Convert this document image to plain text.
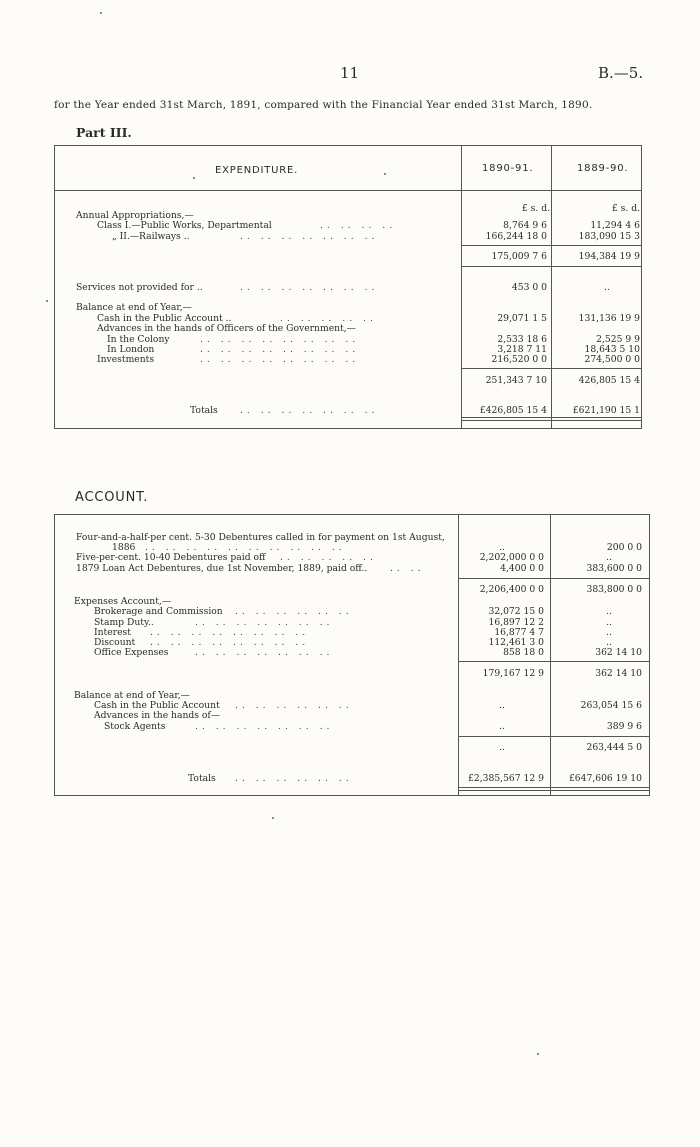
11	B.—5.
for the Year ended 31st March, 1891, compared with the Financial Year ended 31st March, 1890.
Part III.
EXPENDITURE.	1890-91.	1889-90.
£ s. d.	£ s. d.
Annual Appropriations,—
Class I.—Public Works, Departmental	.. .. .. ..	8,764 9 6	11,294 4 6
„ II.—Railways ..	.. .. .. .. .. .. ..	166,244 18 0	183,090 15 3
175,009 7 6	194,384 19 9
Services not provided for ..	.. .. .. .. .. .. ..	453 0 0	..
Balance at end of Year,—
Cash in the Public Account ..	.. .. .. .. ..	29,071 1 5	131,136 19 9
Advances in the hands of Officers of the Government,—
In the Colony	.. .. .. .. .. .. .. ..	2,533 18 6	2,525 9 9
In London	.. .. .. .. .. .. .. ..	3,218 7 11	18,643 5 10
Investments	.. .. .. .. .. .. .. ..	216,520 0 0	274,500 0 0
251,343 7 10	426,805 15 4
Totals .. .. .. .. .. .. ..	£426,805 15 4	£621,190 15 1
ACCOUNT.
Four-and-a-half-per cent. 5-30 Debentures called in for payment on 1st August,
1886 .. .. .. .. .. .. .. .. .. ..	..	200 0 0
Five-per-cent. 10-40 Debentures paid off .. .. .. .. ..	2,202,000 0 0	..
1879 Loan Act Debentures, due 1st November, 1889, paid off.. .. ..	4,400 0 0	383,600 0 0
2,206,400 0 0	383,800 0 0
Expenses Account,—
Brokerage and Commission .. .. .. .. .. ..	32,072 15 0	..
Stamp Duty..	.. .. .. .. .. .. ..	16,897 12 2	..
Interest .. .. .. .. .. .. .. ..	16,877 4 7	..
Discount .. .. .. .. .. .. .. ..	112,461 3 0	..
Office Expenses	.. .. .. .. .. .. ..	858 18 0	362 14 10
179,167 12 9	362 14 10
Balance at end of Year,—
Cash in the Public Account .. .. .. .. .. ..	..	263,054 15 6
Advances in the hands of—
Stock Agents	.. .. .. .. .. .. ..	..	389 9 6
..	263,444 5 0
Totals .. .. .. .. .. ..	£2,385,567 12 9	£647,606 19 10
